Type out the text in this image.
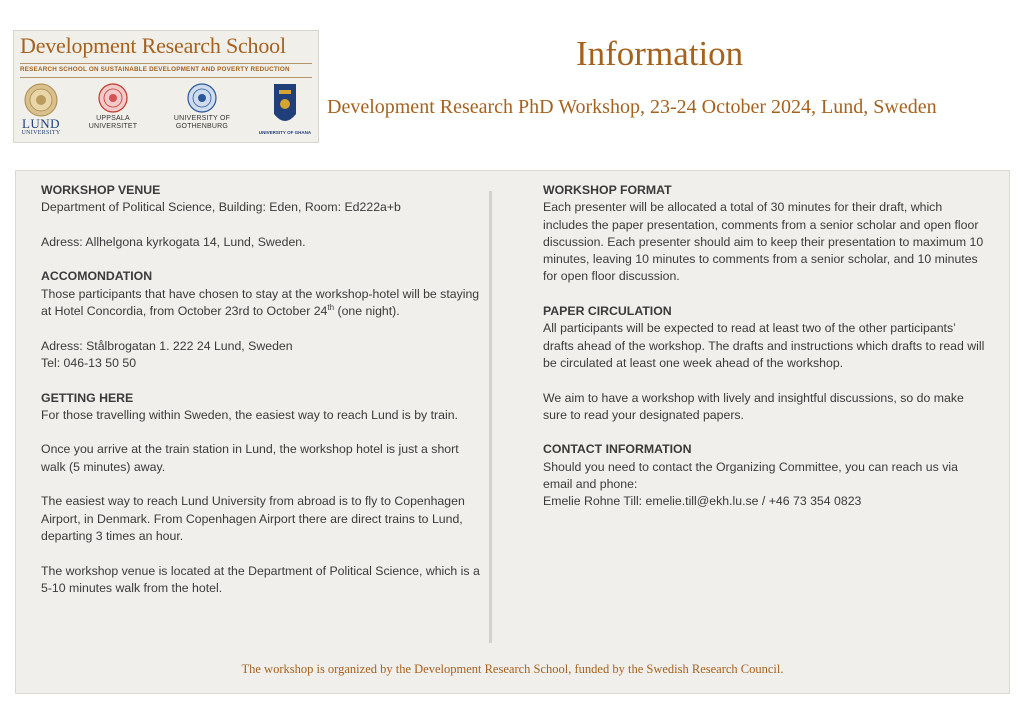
Development Research School
RESEARCH SCHOOL ON SUSTAINABLE DEVELOPMENT AND POVERTY REDUCTION
LUND
UNIVERSITY
UPPSALA
UNIVERSITET
UNIVERSITY OF
GOTHENBURG
UNIVERSITY OF GHANA
Information
Development Research PhD Workshop, 23-24 October 2024, Lund, Sweden
WORKSHOP VENUE

Department of Political Science, Building: Eden, Room: Ed222a+b

Adress: Allhelgona kyrkogata 14, Lund, Sweden.

ACCOMONDATION

Those participants that have chosen to stay at the workshop-hotel will be staying at Hotel Concordia, from October 23rd to October 24th (one night).

Adress: Stålbrogatan 1. 222 24 Lund, Sweden

Tel: 046-13 50 50

GETTING HERE

For those travelling within Sweden, the easiest way to reach Lund is by train.

Once you arrive at the train station in Lund, the workshop hotel is just a short walk (5 minutes) away.

The easiest way to reach Lund University from abroad is to fly to Copenhagen Airport, in Denmark. From Copenhagen Airport there are direct trains to Lund, departing 3 times an hour.

The workshop venue is located at the Department of Political Science, which is a 5-10 minutes walk from the hotel.

WORKSHOP FORMAT

Each presenter will be allocated a total of 30 minutes for their draft, which includes the paper presentation, comments from a senior scholar and open floor discussion. Each presenter should aim to keep their presentation to maximum 10 minutes, leaving 10 minutes to comments from a senior scholar, and 10 minutes for open floor discussion.

PAPER CIRCULATION

All participants will be expected to read at least two of the other participants’ drafts ahead of the workshop. The drafts and instructions which drafts to read will be circulated at least one week ahead of the workshop.

We aim to have a workshop with lively and insightful discussions, so do make sure to read your designated papers.

CONTACT INFORMATION

Should you need to contact the Organizing Committee, you can reach us via email and phone:

Emelie Rohne Till: emelie.till@ekh.lu.se / +46 73 354 0823

The workshop is organized by the Development Research School, funded by the Swedish Research Council.
